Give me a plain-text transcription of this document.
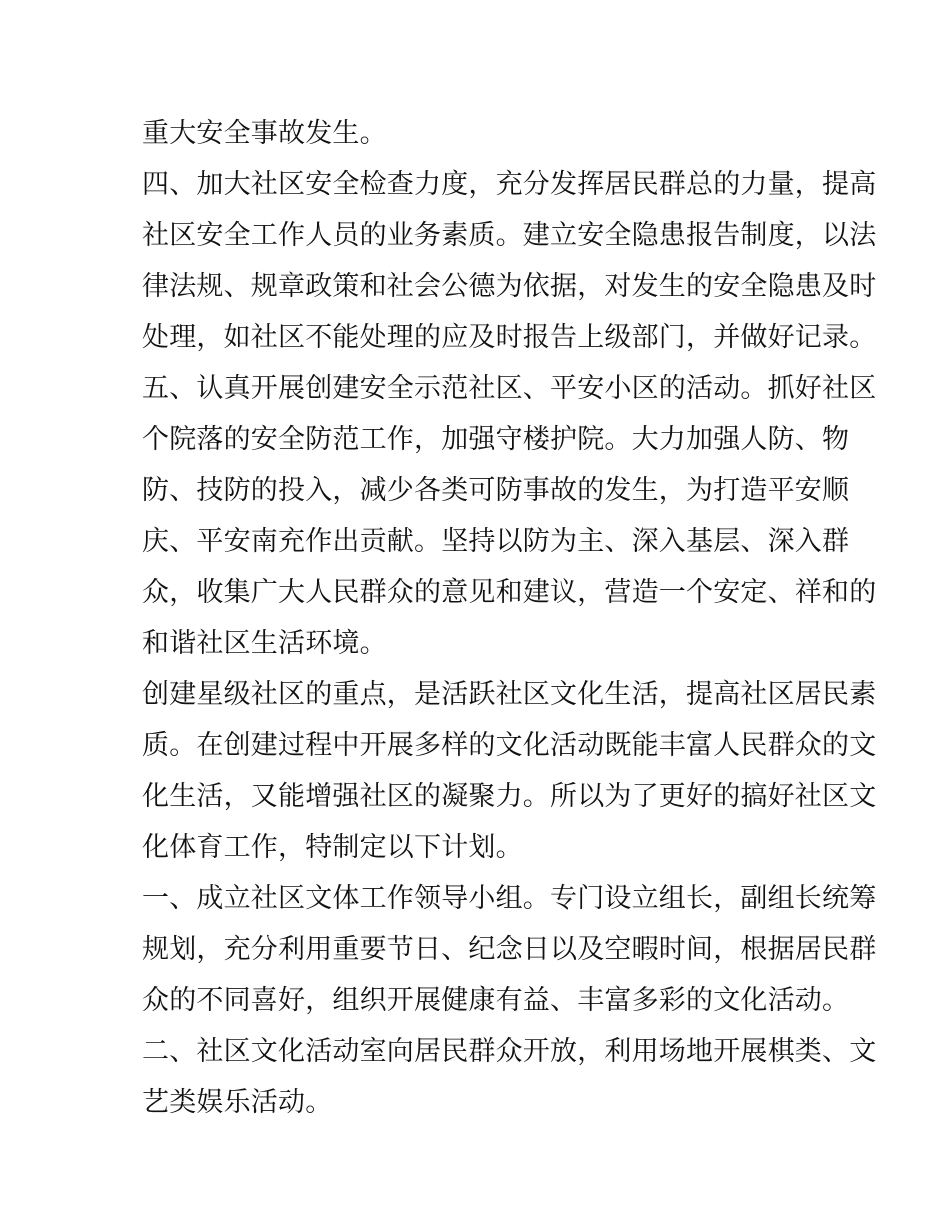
重大安全事故发生。
四、加大社区安全检查力度，充分发挥居民群总的力量，提高
社区安全工作人员的业务素质。建立安全隐患报告制度，以法
律法规、规章政策和社会公德为依据，对发生的安全隐患及时
处理，如社区不能处理的应及时报告上级部门，并做好记录。
五、认真开展创建安全示范社区、平安小区的活动。抓好社区
个院落的安全防范工作，加强守楼护院。大力加强人防、物
防、技防的投入，减少各类可防事故的发生，为打造平安顺
庆、平安南充作出贡献。坚持以防为主、深入基层、深入群
众，收集广大人民群众的意见和建议，营造一个安定、祥和的
和谐社区生活环境。
创建星级社区的重点，是活跃社区文化生活，提高社区居民素
质。在创建过程中开展多样的文化活动既能丰富人民群众的文
化生活，又能增强社区的凝聚力。所以为了更好的搞好社区文
化体育工作，特制定以下计划。
一、成立社区文体工作领导小组。专门设立组长，副组长统筹
规划，充分利用重要节日、纪念日以及空暇时间，根据居民群
众的不同喜好，组织开展健康有益、丰富多彩的文化活动。
二、社区文化活动室向居民群众开放，利用场地开展棋类、文
艺类娱乐活动。
